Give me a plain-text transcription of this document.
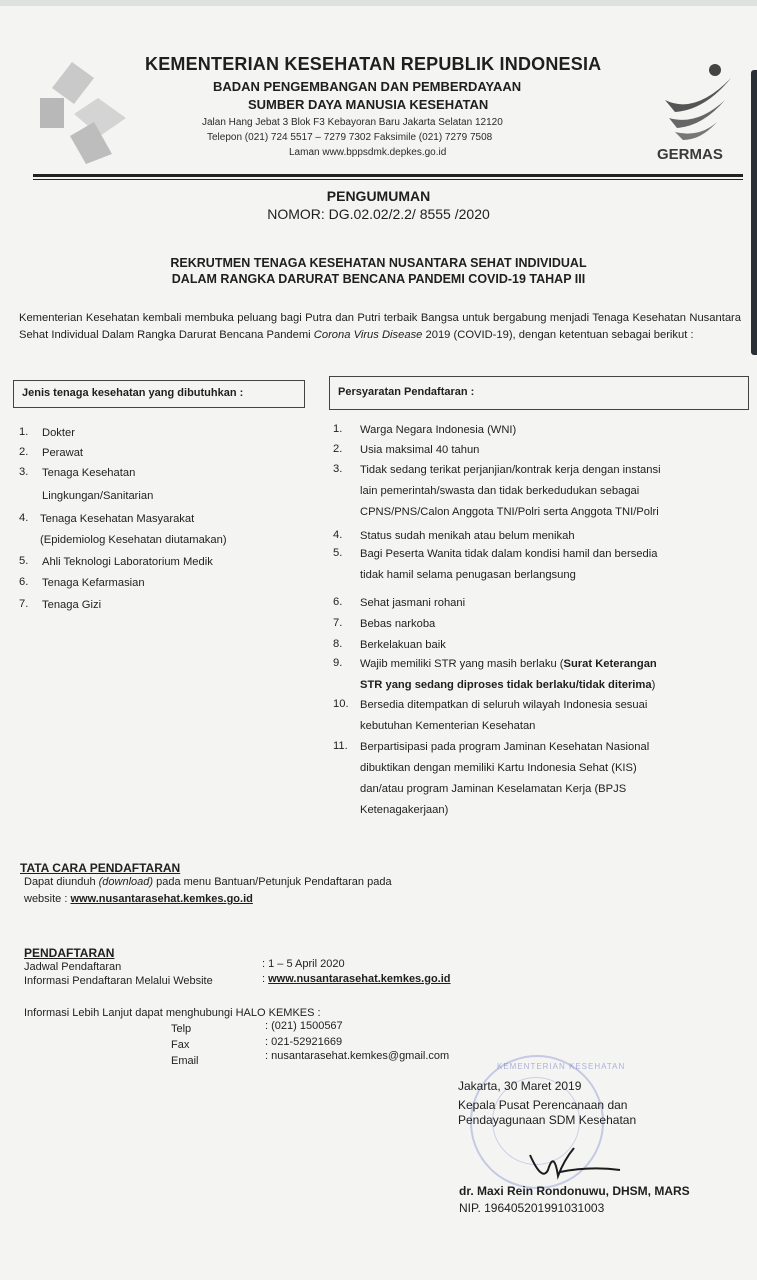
GERMAS
KEMENTERIAN KESEHATAN REPUBLIK INDONESIA
BADAN PENGEMBANGAN DAN PEMBERDAYAAN
SUMBER DAYA MANUSIA KESEHATAN
Jalan Hang Jebat 3 Blok F3 Kebayoran Baru Jakarta Selatan 12120
Telepon (021) 724 5517 – 7279 7302 Faksimile (021) 7279 7508
Laman www.bppsdmk.depkes.go.id
PENGUMUMAN
NOMOR: DG.02.02/2.2/ 8555 /2020
REKRUTMEN TENAGA KESEHATAN NUSANTARA SEHAT INDIVIDUAL
DALAM RANGKA DARURAT BENCANA PANDEMI COVID-19 TAHAP III
Kementerian Kesehatan kembali membuka peluang bagi Putra dan Putri terbaik Bangsa untuk bergabung menjadi Tenaga Kesehatan Nusantara Sehat Individual Dalam Rangka Darurat Bencana Pandemi Corona Virus Disease 2019 (COVID-19), dengan ketentuan sebagai berikut :
Jenis tenaga kesehatan yang dibutuhkan :
1. Dokter
2. Perawat
3. Tenaga Kesehatan
Lingkungan/Sanitarian
4. Tenaga Kesehatan Masyarakat
(Epidemiolog Kesehatan diutamakan)
5. Ahli Teknologi Laboratorium Medik
6. Tenaga Kefarmasian
7. Tenaga Gizi
Persyaratan Pendaftaran :
1. Warga Negara Indonesia (WNI)
2. Usia maksimal 40 tahun
3. Tidak sedang terikat perjanjian/kontrak kerja dengan instansi
lain pemerintah/swasta dan tidak berkedudukan sebagai
CPNS/PNS/Calon Anggota TNI/Polri serta Anggota TNI/Polri
4. Status sudah menikah atau belum menikah
5. Bagi Peserta Wanita tidak dalam kondisi hamil dan bersedia
tidak hamil selama penugasan berlangsung
6. Sehat jasmani rohani
7. Bebas narkoba
8. Berkelakuan baik
9. Wajib memiliki STR yang masih berlaku (Surat Keterangan
STR yang sedang diproses tidak berlaku/tidak diterima)
10. Bersedia ditempatkan di seluruh wilayah Indonesia sesuai
kebutuhan Kementerian Kesehatan
11. Berpartisipasi pada program Jaminan Kesehatan Nasional
dibuktikan dengan memiliki Kartu Indonesia Sehat (KIS)
dan/atau program Jaminan Keselamatan Kerja (BPJS
Ketenagakerjaan)
TATA CARA PENDAFTARAN
Dapat diunduh (download) pada menu Bantuan/Petunjuk Pendaftaran pada
website : www.nusantarasehat.kemkes.go.id
PENDAFTARAN
Jadwal Pendaftaran	: 1 – 5 April 2020
Informasi Pendaftaran Melalui Website	: www.nusantarasehat.kemkes.go.id
Informasi Lebih Lanjut dapat menghubungi HALO KEMKES :
Telp	: (021) 1500567
Fax	: 021-52921669
Email	: nusantarasehat.kemkes@gmail.com
KEMENTERIAN KESEHATAN
Jakarta, 30 Maret 2019
Kepala Pusat Perencanaan dan
Pendayagunaan SDM Kesehatan
dr. Maxi Rein Rondonuwu, DHSM, MARS
NIP. 196405201991031003
